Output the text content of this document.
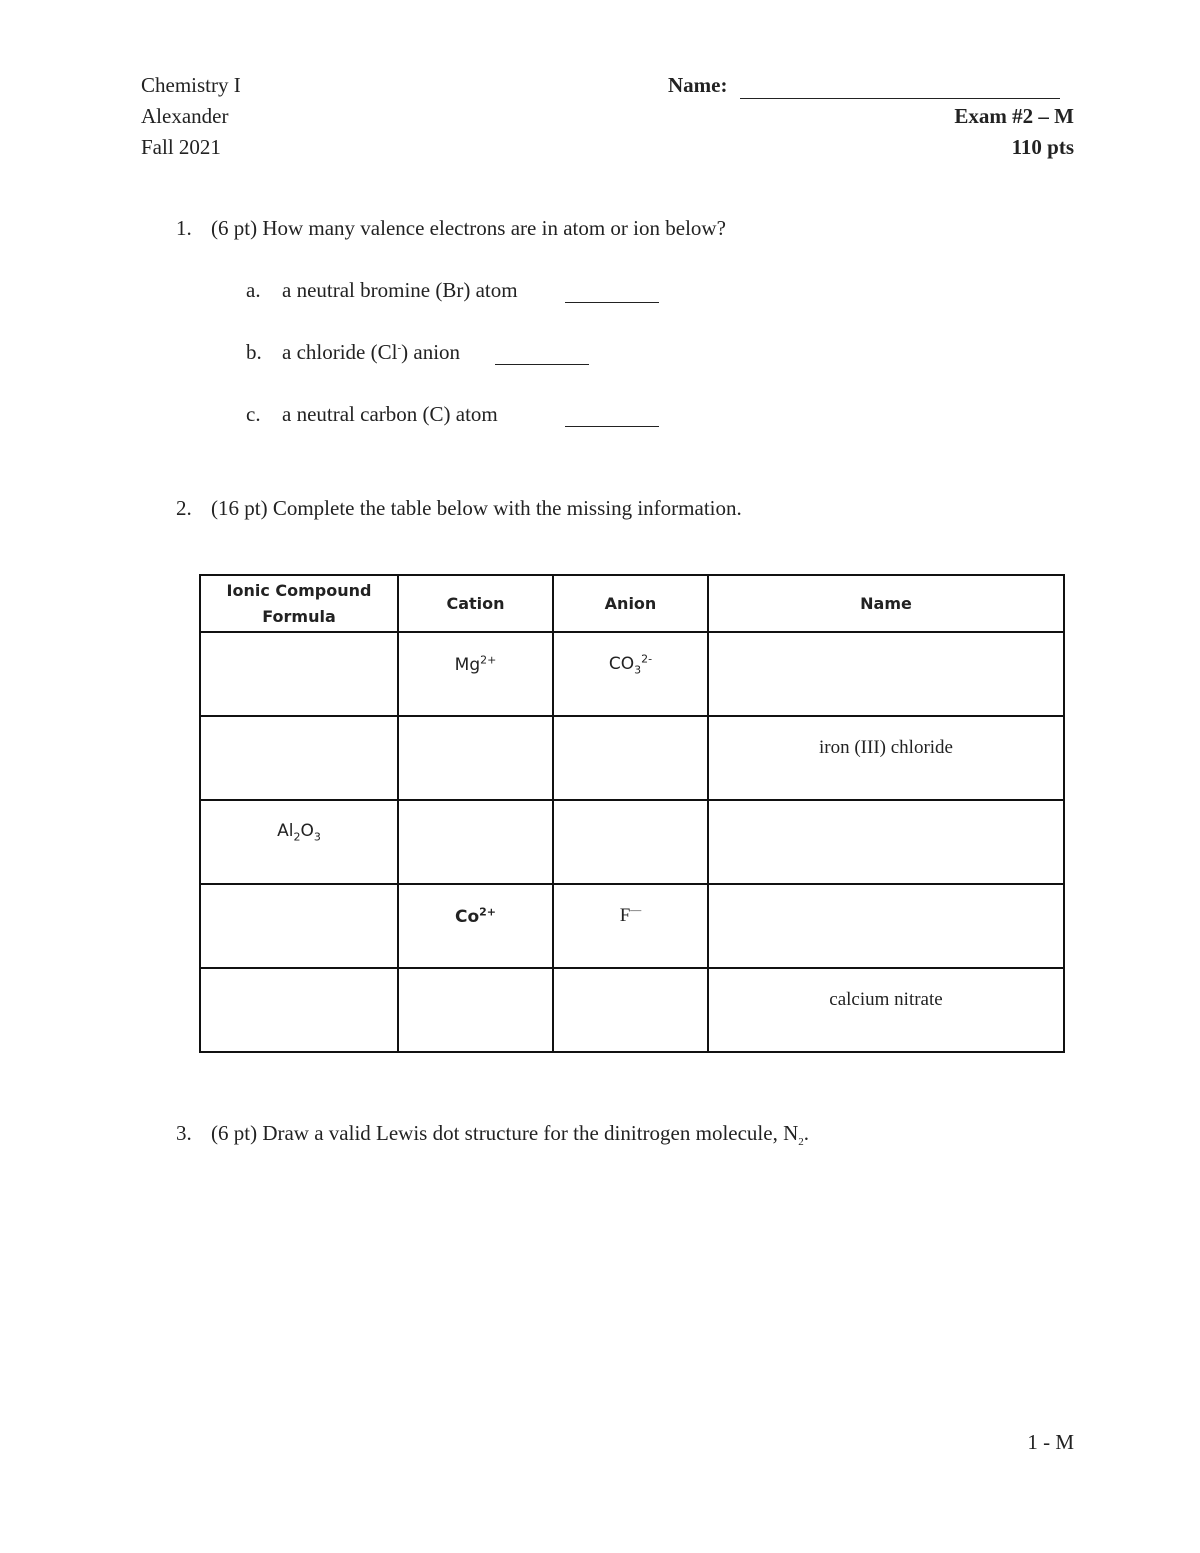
Chemistry I
Alexander
Fall 2021
Name:
Exam #2 – M
110 pts
1. (6 pt) How many valence electrons are in atom or ion below?
a. a neutral bromine (Br) atom
b. a chloride (Cl-) anion
c. a neutral carbon (C) atom
2. (16 pt) Complete the table below with the missing information.
Ionic Compound Formula	Cation	Anion	Name
	$Mg^{2+}$	$CO_3^{2-}$	
			iron (III) chloride
$Al_2O_3$			
	$Co^{2+}$	F—	
			calcium nitrate
3. (6 pt) Draw a valid Lewis dot structure for the dinitrogen molecule, $N_2$.
1 - M
